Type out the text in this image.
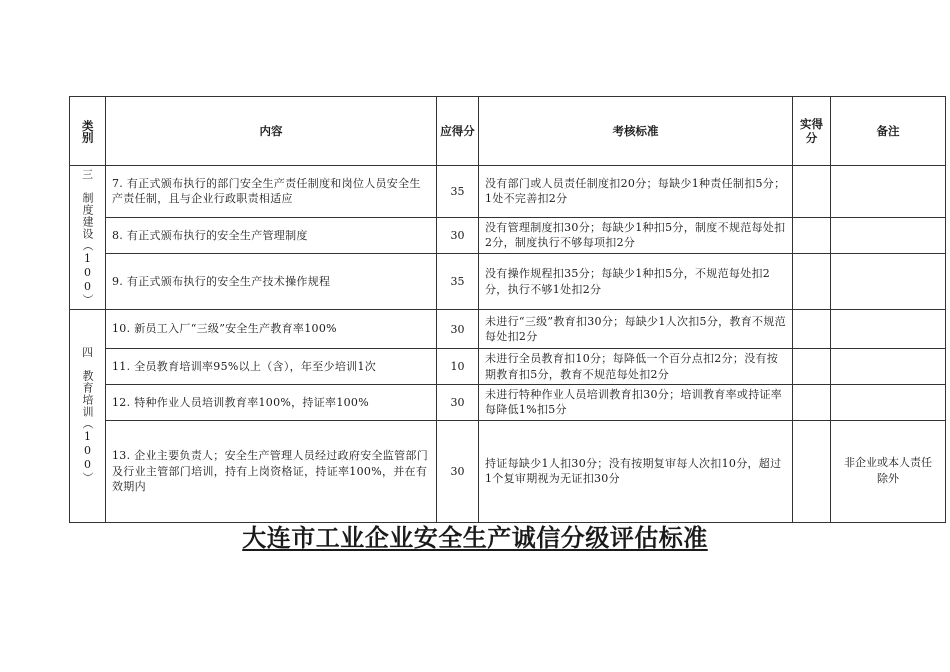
类别	内容	应得分	考核标准	实得分	备注

三
制度建设（100）	7. 有正式颁布执行的部门安全生产责任制度和岗位人员安全生产责任制，且与企业行政职责相适应	35	没有部门或人员责任制度扣20分；每缺少1种责任制扣5分；1处不完善扣2分		
	8. 有正式颁布执行的安全生产管理制度	30	没有管理制度扣30分；每缺少1种扣5分，制度不规范每处扣2分，制度执行不够每项扣2分		
	9. 有正式颁布执行的安全生产技术操作规程	35	没有操作规程扣35分；每缺少1种扣5分，不规范每处扣2分，执行不够1处扣2分		

四
教育培训（100）	10. 新员工入厂“三级”安全生产教育率100%	30	未进行“三级”教育扣30分；每缺少1人次扣5分，教育不规范每处扣2分		
	11. 全员教育培训率95%以上（含），年至少培训1次	10	未进行全员教育扣10分；每降低一个百分点扣2分；没有按期教育扣5分，教育不规范每处扣2分		
	12. 特种作业人员培训教育率100%，持证率100%	30	未进行特种作业人员培训教育扣30分；培训教育率或持证率每降低1%扣5分		
	13. 企业主要负责人；安全生产管理人员经过政府安全监管部门及行业主管部门培训，持有上岗资格证，持证率100%，并在有效期内	30	持证每缺少1人扣30分；没有按期复审每人次扣10分，超过1个复审期视为无证扣30分		非企业或本人责任除外
大连市工业企业安全生产诚信分级评估标准
